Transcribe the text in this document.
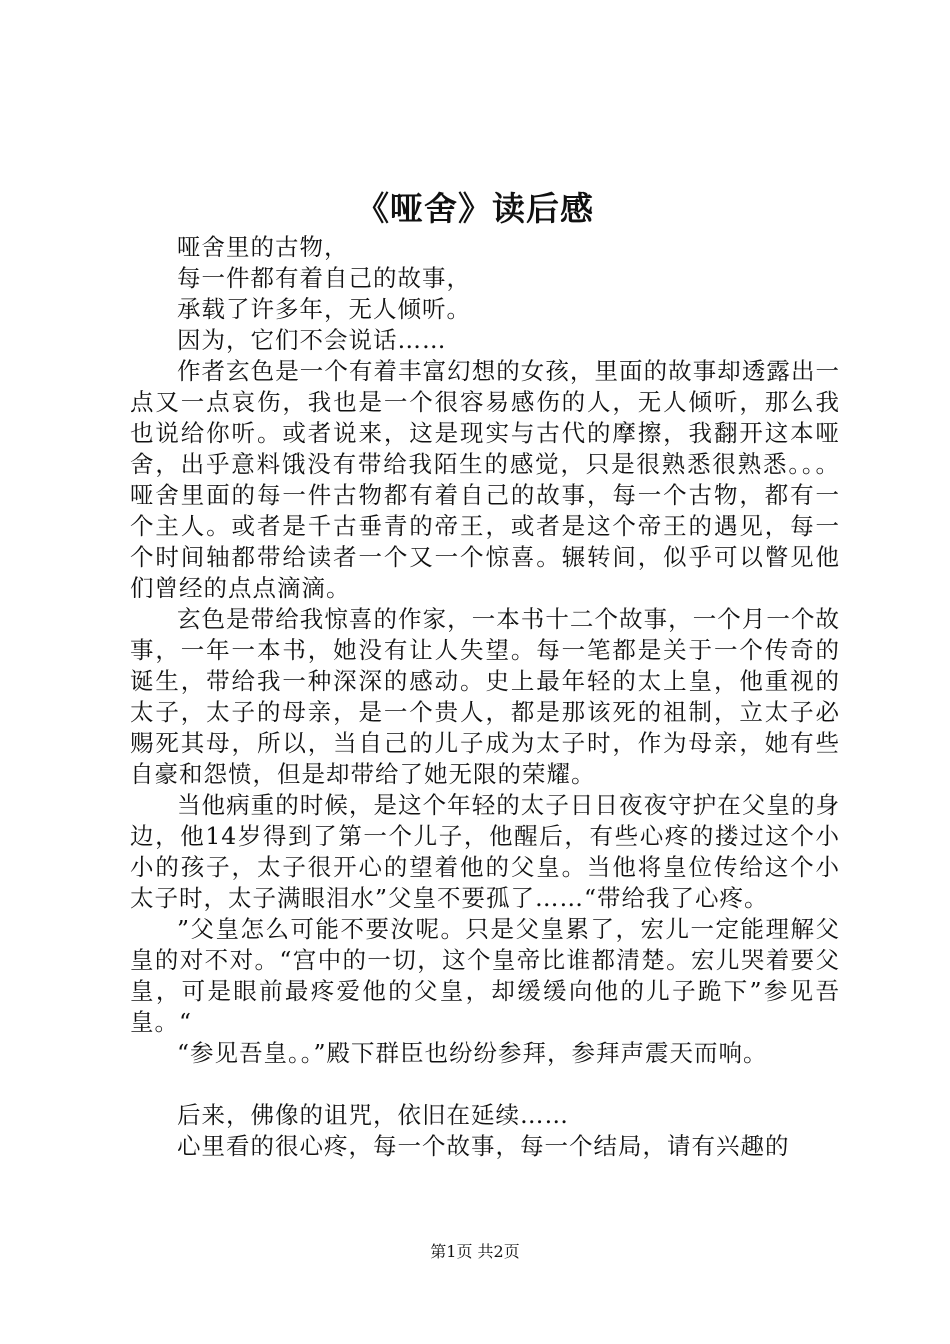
《哑舍》读后感

哑舍里的古物，

每一件都有着自己的故事，

承载了许多年，无人倾听。

因为，它们不会说话……

作者玄色是一个有着丰富幻想的女孩，里面的故事却透露出一点又一点哀伤，我也是一个很容易感伤的人，无人倾听，那么我也说给你听。或者说来，这是现实与古代的摩擦，我翻开这本哑舍，出乎意料饿没有带给我陌生的感觉，只是很熟悉很熟悉。。。哑舍里面的每一件古物都有着自己的故事，每一个古物，都有一个主人。或者是千古垂青的帝王，或者是这个帝王的遇见，每一个时间轴都带给读者一个又一个惊喜。辗转间，似乎可以瞥见他们曾经的点点滴滴。

玄色是带给我惊喜的作家，一本书十二个故事，一个月一个故事，一年一本书，她没有让人失望。每一笔都是关于一个传奇的诞生，带给我一种深深的感动。史上最年轻的太上皇，他重视的太子，太子的母亲，是一个贵人，都是那该死的祖制，立太子必赐死其母，所以，当自己的儿子成为太子时，作为母亲，她有些自豪和怨愤，但是却带给了她无限的荣耀。

当他病重的时候，是这个年轻的太子日日夜夜守护在父皇的身边，他14岁得到了第一个儿子，他醒后，有些心疼的搂过这个小小的孩子，太子很开心的望着他的父皇。当他将皇位传给这个小太子时，太子满眼泪水”父皇不要孤了……“带给我了心疼。

”父皇怎么可能不要汝呢。只是父皇累了，宏儿一定能理解父皇的对不对。“宫中的一切，这个皇帝比谁都清楚。宏儿哭着要父皇，可是眼前最疼爱他的父皇，却缓缓向他的儿子跪下”参见吾皇。“

“参见吾皇。。”殿下群臣也纷纷参拜，参拜声震天而响。

后来，佛像的诅咒，依旧在延续……

心里看的很心疼，每一个故事，每一个结局，请有兴趣的

第1页 共2页
